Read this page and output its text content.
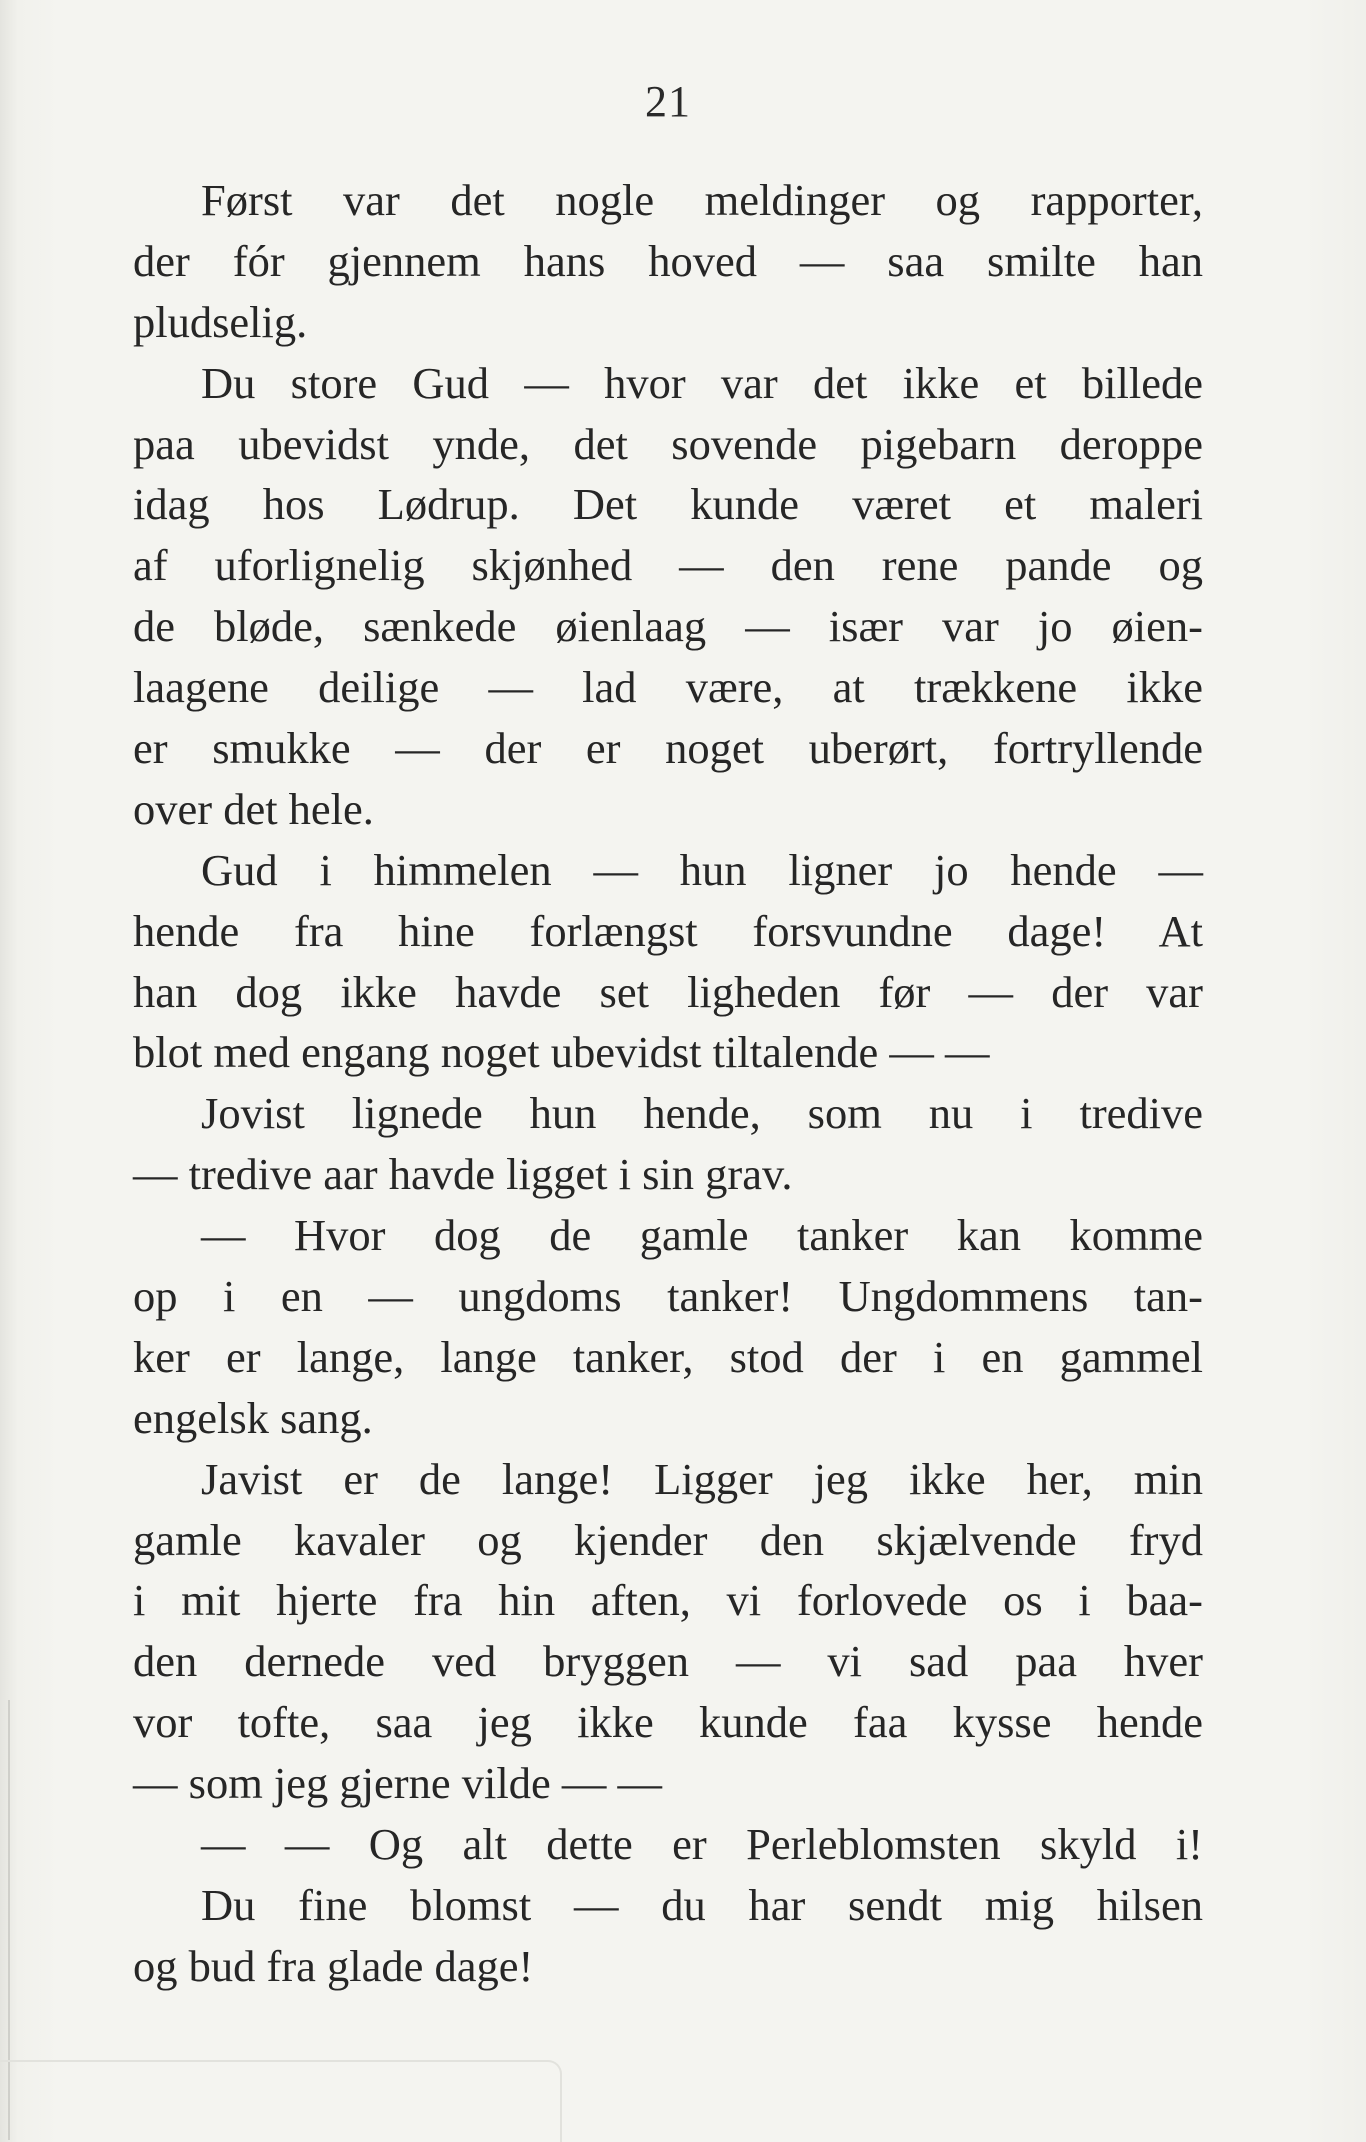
21
Først var det nogle meldinger og rapporter,
der fór gjennem hans hoved — saa smilte han
pludselig.
Du store Gud — hvor var det ikke et billede
paa ubevidst ynde, det sovende pigebarn deroppe
idag hos Lødrup. Det kunde været et maleri
af uforlignelig skjønhed — den rene pande og
de bløde, sænkede øienlaag — især var jo øien-
laagene deilige — lad være, at trækkene ikke
er smukke — der er noget uberørt, fortryllende
over det hele.
Gud i himmelen — hun ligner jo hende —
hende fra hine forlængst forsvundne dage! At
han dog ikke havde set ligheden før — der var
blot med engang noget ubevidst tiltalende — —
Jovist lignede hun hende, som nu i tredive
— tredive aar havde ligget i sin grav.
— Hvor dog de gamle tanker kan komme
op i en — ungdoms tanker! Ungdommens tan-
ker er lange, lange tanker, stod der i en gammel
engelsk sang.
Javist er de lange! Ligger jeg ikke her, min
gamle kavaler og kjender den skjælvende fryd
i mit hjerte fra hin aften, vi forlovede os i baa-
den dernede ved bryggen — vi sad paa hver
vor tofte, saa jeg ikke kunde faa kysse hende
— som jeg gjerne vilde — —
— — Og alt dette er Perleblomsten skyld i!
Du fine blomst — du har sendt mig hilsen
og bud fra glade dage!
